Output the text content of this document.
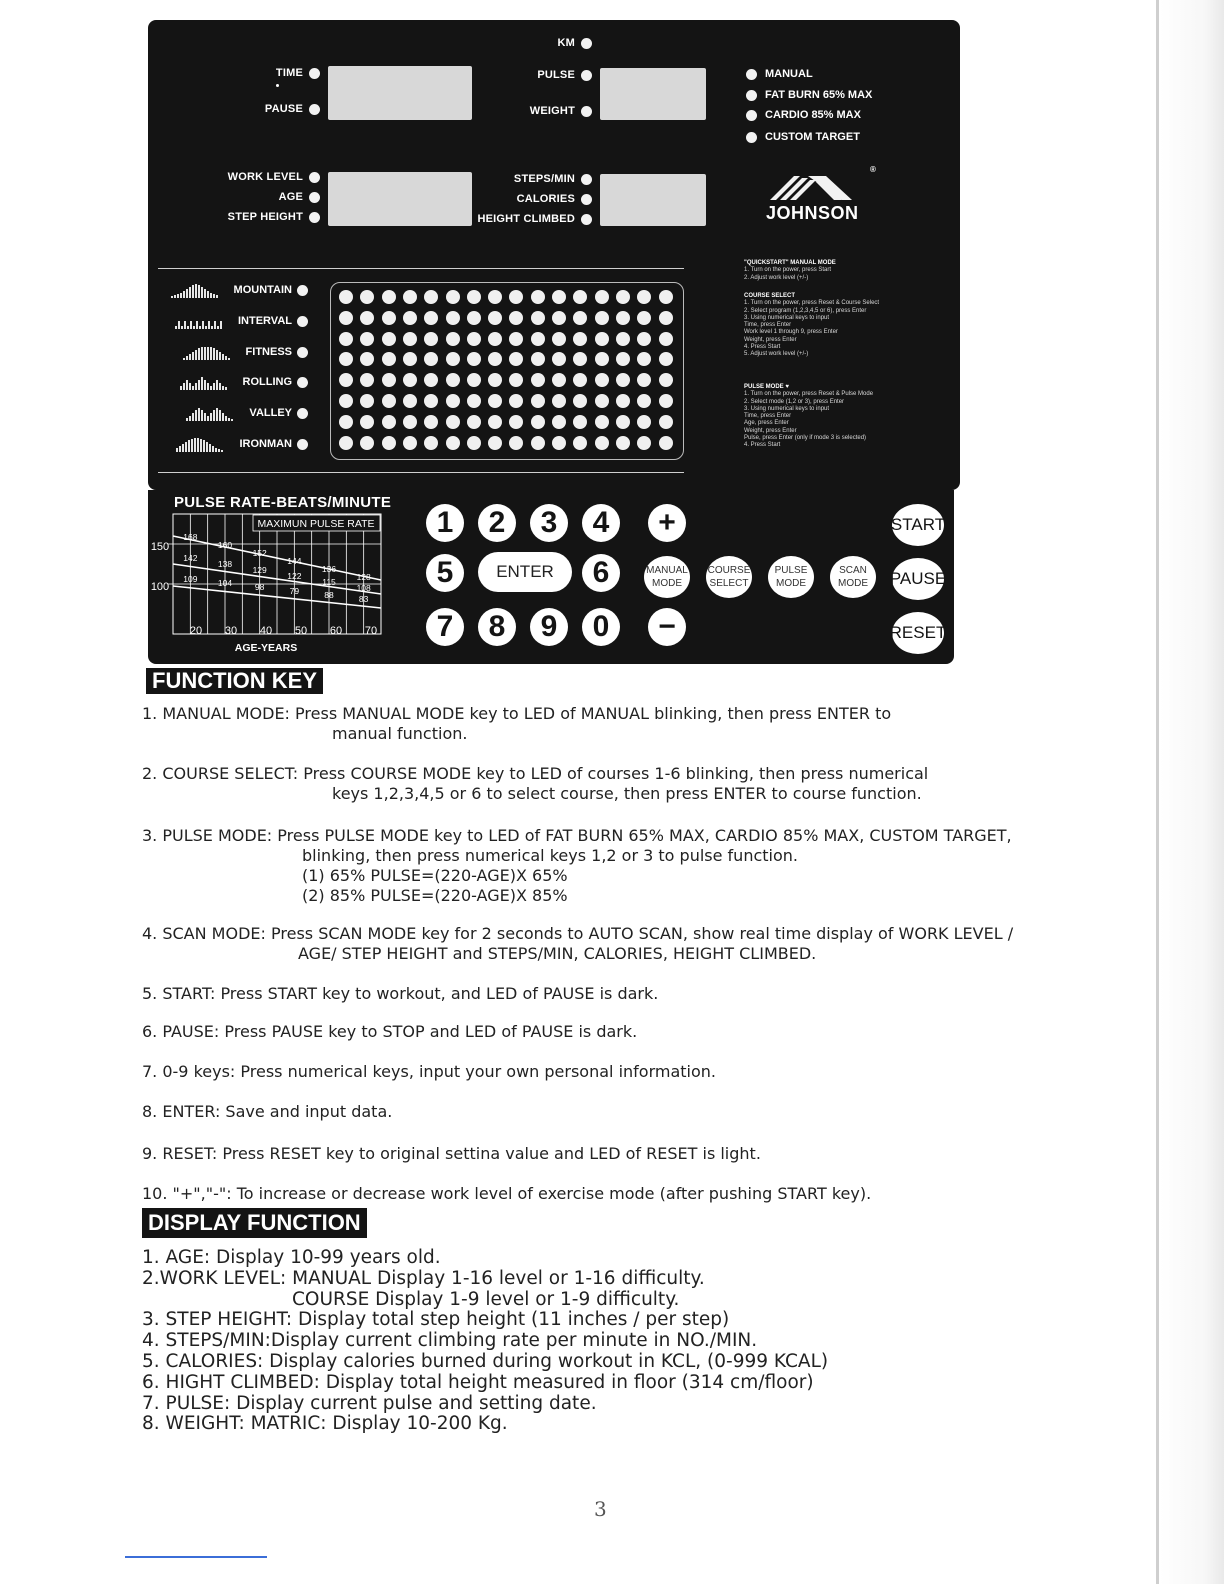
TIME
PAUSE
WORK LEVEL
AGE
STEP HEIGHT
KM
PULSE
WEIGHT
STEPS/MIN
CALORIES
HEIGHT CLIMBED
MANUAL
FAT BURN 65% MAX
CARDIO 85% MAX
CUSTOM TARGET
®
JOHNSON
"QUICKSTART" MANUAL MODE
1. Turn on the power, press Start
2. Adjust work level (+/-)
COURSE SELECT
1. Turn on the power, press Reset & Course Select
2. Select program (1,2,3,4,5 or 6), press Enter
3. Using numerical keys to input
Time, press Enter
Work level 1 through 9, press Enter
Weight, press Enter
4. Press Start
5. Adjust work level (+/-)
PULSE MODE ♥
1. Turn on the power, press Reset & Pulse Mode
2. Select mode (1,2 or 3), press Enter
3. Using numerical keys to input
Time, press Enter
Age, press Enter
Weight, press Enter
Pulse, press Enter (only if mode 3 is selected)
4. Press Start
MOUNTAIN
INTERVAL
FITNESS
ROLLING
VALLEY
IRONMAN
PULSE RATE-BEATS/MINUTE
MAXIMUN PULSE RATE
168
160
152
144
136
128
142
138
129
122
115
108
109 104	98	79	88	83
150
100
20 30 40 50 60 70
AGE-YEARS
1	2	3	4
5	ENTER	6
7	8	9	0
+
−
MANUAL
MODE
COURSE
SELECT
PULSE
MODE
SCAN
MODE
START
PAUSE
RESET
FUNCTION KEY
1. MANUAL MODE: Press MANUAL MODE key to LED of MANUAL blinking, then press ENTER to
manual function.
2. COURSE SELECT: Press COURSE MODE key to LED of courses 1-6 blinking, then press numerical
keys 1,2,3,4,5 or 6 to select course, then press ENTER to course function.
3. PULSE MODE: Press PULSE MODE key to LED of FAT BURN 65% MAX, CARDIO 85% MAX, CUSTOM TARGET,
blinking, then press numerical keys 1,2 or 3 to pulse function.
(1) 65% PULSE=(220-AGE)X 65%
(2) 85% PULSE=(220-AGE)X 85%
4. SCAN MODE: Press SCAN MODE key for 2 seconds to AUTO SCAN, show real time display of WORK LEVEL /
AGE/ STEP HEIGHT and STEPS/MIN, CALORIES, HEIGHT CLIMBED.
5. START: Press START key to workout, and LED of PAUSE is dark.
6. PAUSE: Press PAUSE key to STOP and LED of PAUSE is dark.
7. 0-9 keys: Press numerical keys, input your own personal information.
8. ENTER: Save and input data.
9. RESET: Press RESET key to original settina value and LED of RESET is light.
10. "+","-": To increase or decrease work level of exercise mode (after pushing START key).
DISPLAY FUNCTION
1. AGE: Display 10-99 years old.
2.WORK LEVEL: MANUAL Display 1-16 level or 1-16 difficulty.
COURSE Display 1-9 level or 1-9 difficulty.
3. STEP HEIGHT: Display total step height (11 inches / per step)
4. STEPS/MIN:Display current climbing rate per minute in NO./MIN.
5. CALORIES: Display calories burned during workout in KCL, (0-999 KCAL)
6. HIGHT CLIMBED: Display total height measured in floor (314 cm/floor)
7. PULSE: Display current pulse and setting date.
8. WEIGHT: MATRIC: Display 10-200 Kg.
3
